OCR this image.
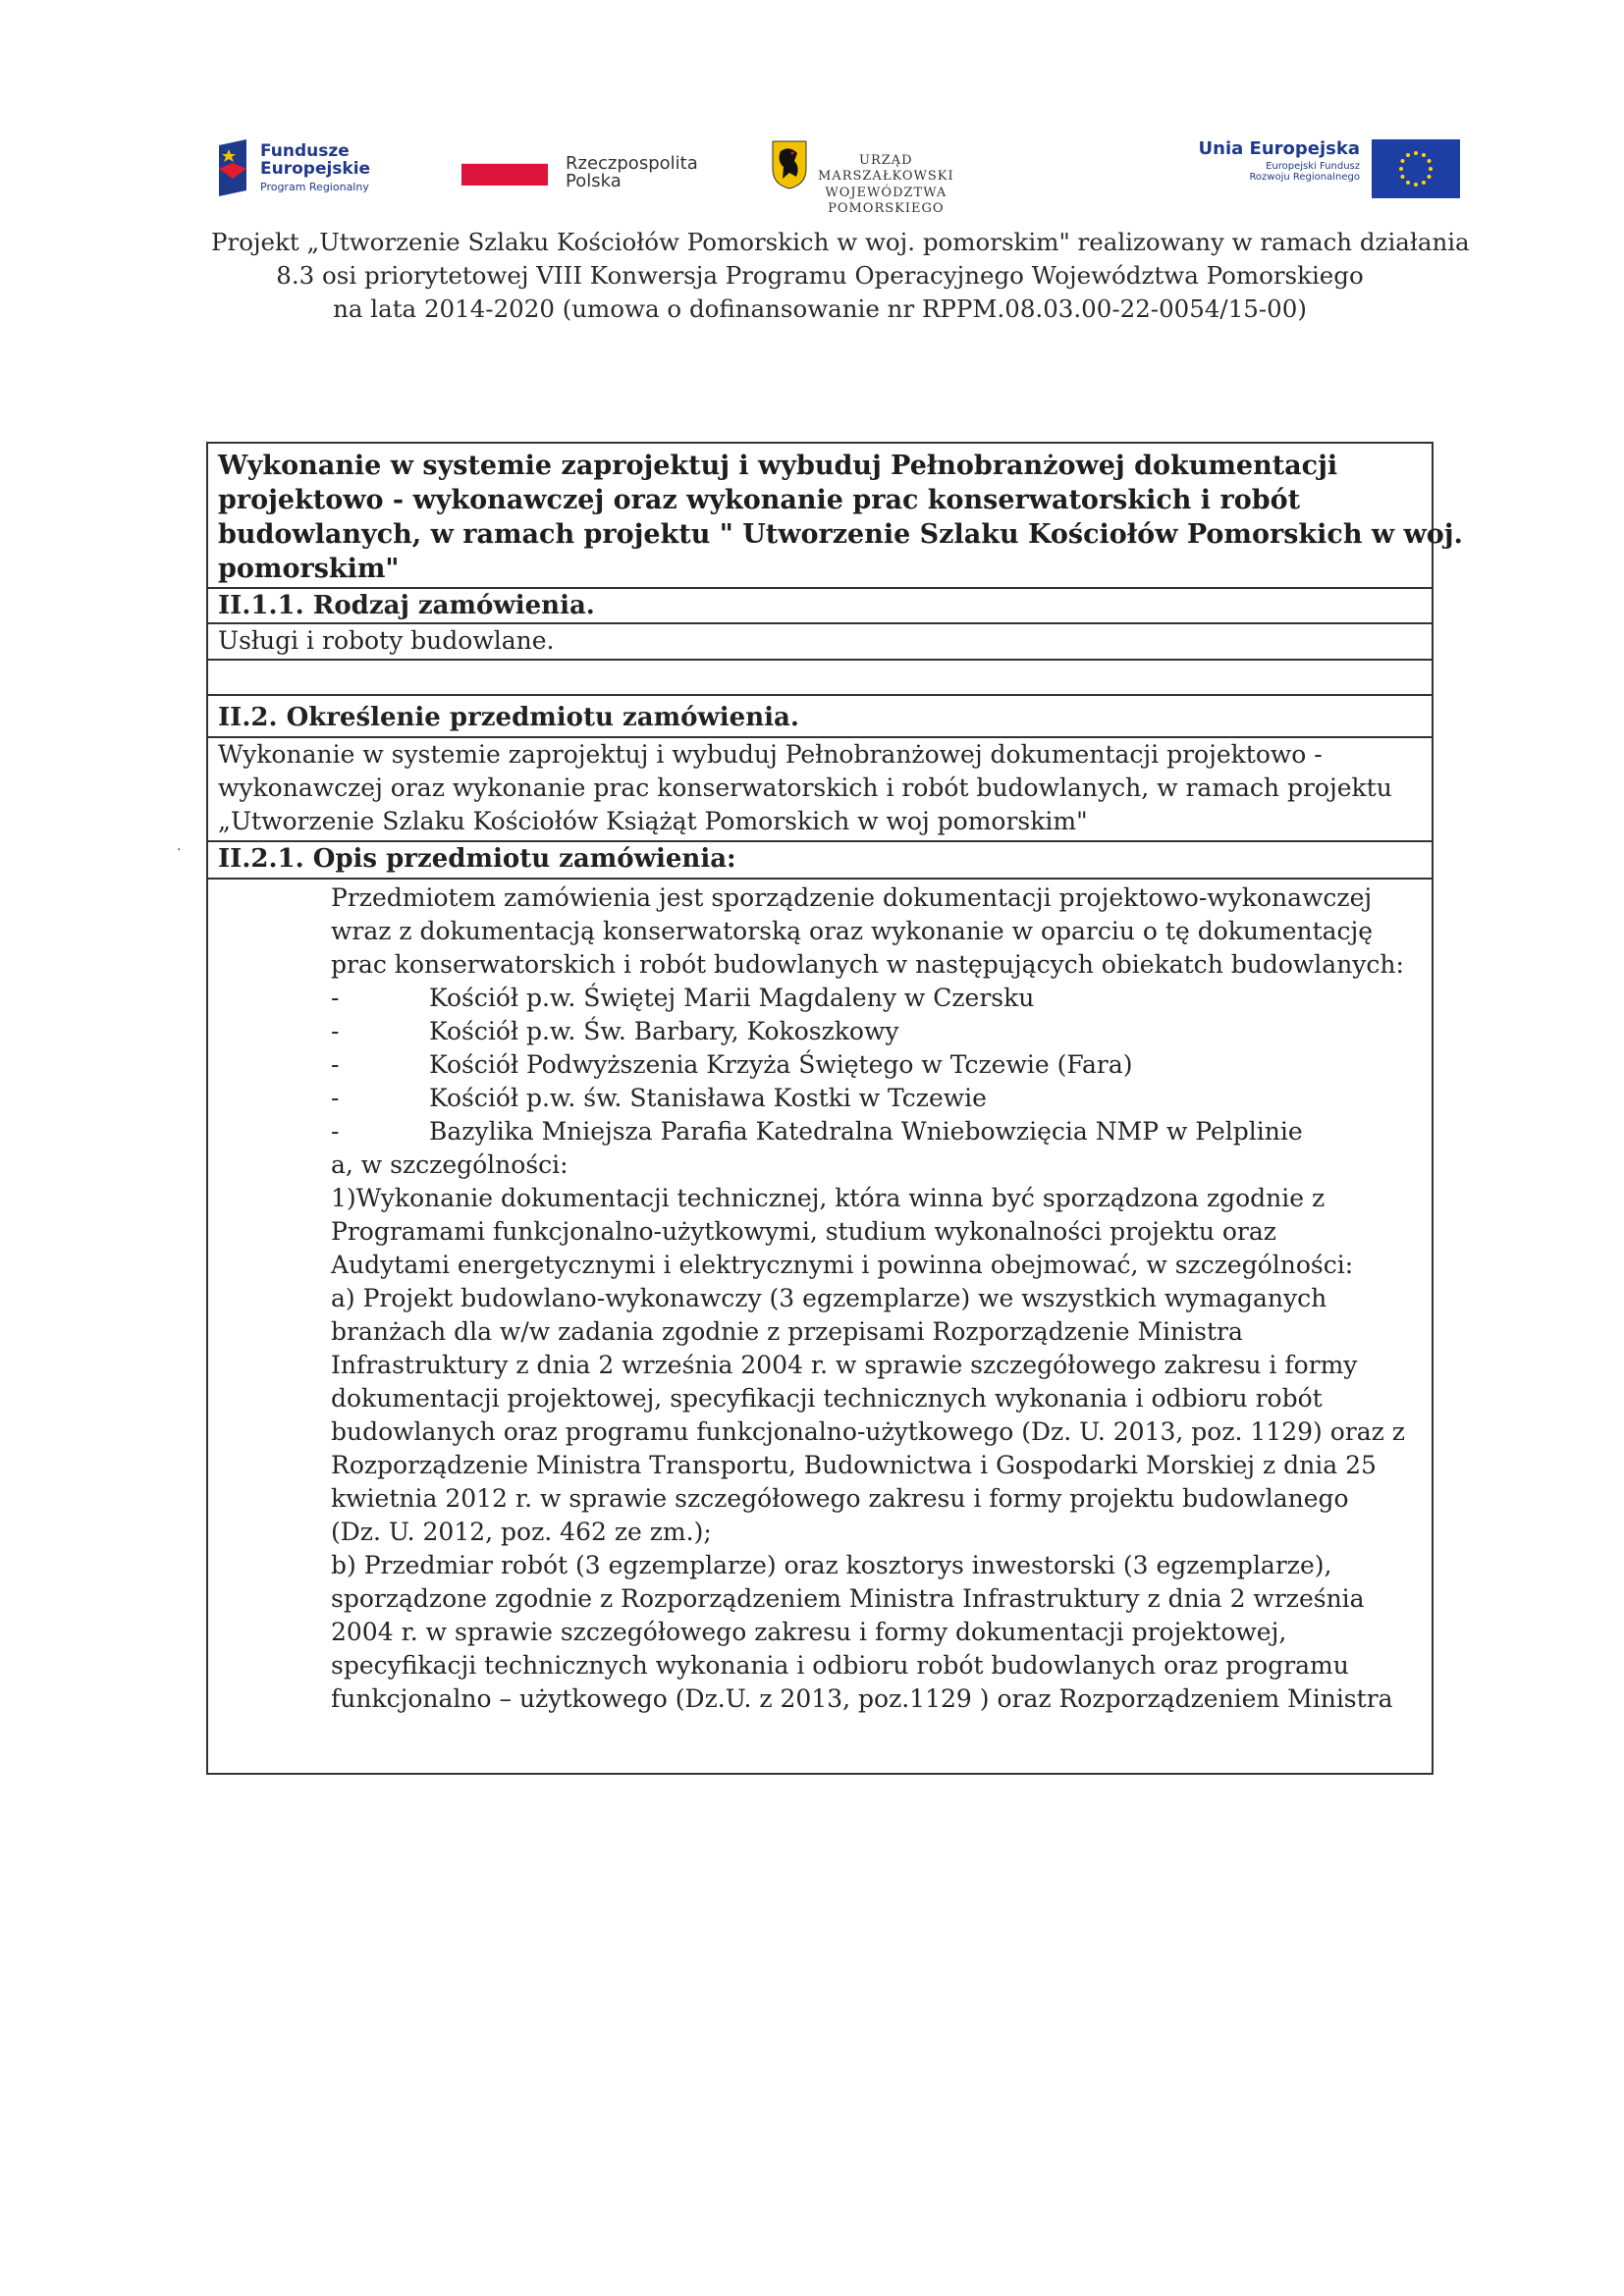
Fundusze
Europejskie
Program Regionalny
Rzeczpospolita
Polska
URZĄD MARSZAŁKOWSKI
WOJEWÓDZTWA POMORSKIEGO
Unia Europejska
Europejski Fundusz
Rozwoju Regionalnego

Projekt „Utworzenie Szlaku Kościołów Pomorskich w woj. pomorskim" realizowany w ramach działania

8.3 osi priorytetowej VIII Konwersja Programu Operacyjnego Województwa Pomorskiego

na lata 2014-2020 (umowa o dofinansowanie nr RPPM.08.03.00-22-0054/15-00)

·
Wykonanie w systemie zaprojektuj i wybuduj Pełnobranżowej dokumentacji
projektowo - wykonawczej oraz wykonanie prac konserwatorskich i robót
budowlanych, w ramach projektu " Utworzenie Szlaku Kościołów Pomorskich w woj.
pomorskim"
II.1.1. Rodzaj zamówienia.
Usługi i roboty budowlane.
II.2. Określenie przedmiotu zamówienia.
Wykonanie w systemie zaprojektuj i wybuduj Pełnobranżowej dokumentacji projektowo -
wykonawczej oraz wykonanie prac konserwatorskich i robót budowlanych, w ramach projektu
„Utworzenie Szlaku Kościołów Książąt Pomorskich w woj pomorskim"
II.2.1. Opis przedmiotu zamówienia:
Przedmiotem zamówienia jest sporządzenie dokumentacji projektowo-wykonawczej
wraz z dokumentacją konserwatorską oraz wykonanie w oparciu o tę dokumentację
prac konserwatorskich i robót budowlanych w następujących obiekatch budowlanych:
-	Kościół p.w. Świętej Marii Magdaleny w Czersku
-	Kościół p.w. Św. Barbary, Kokoszkowy
-	Kościół Podwyższenia Krzyża Świętego w Tczewie (Fara)
-	Kościół p.w. św. Stanisława Kostki w Tczewie
-	Bazylika Mniejsza Parafia Katedralna Wniebowzięcia NMP w Pelplinie
a, w szczególności:
1)Wykonanie dokumentacji technicznej, która winna być sporządzona zgodnie z
Programami funkcjonalno-użytkowymi, studium wykonalności projektu oraz
Audytami energetycznymi i elektrycznymi i powinna obejmować, w szczególności:
a) Projekt budowlano-wykonawczy (3 egzemplarze) we wszystkich wymaganych
branżach dla w/w zadania zgodnie z przepisami Rozporządzenie Ministra
Infrastruktury z dnia 2 września 2004 r. w sprawie szczegółowego zakresu i formy
dokumentacji projektowej, specyfikacji technicznych wykonania i odbioru robót
budowlanych oraz programu funkcjonalno-użytkowego (Dz. U. 2013, poz. 1129) oraz z
Rozporządzenie Ministra Transportu, Budownictwa i Gospodarki Morskiej z dnia 25
kwietnia 2012 r. w sprawie szczegółowego zakresu i formy projektu budowlanego
(Dz. U. 2012, poz. 462 ze zm.);
b) Przedmiar robót (3 egzemplarze) oraz kosztorys inwestorski (3 egzemplarze),
sporządzone zgodnie z Rozporządzeniem Ministra Infrastruktury z dnia 2 września
2004 r. w sprawie szczegółowego zakresu i formy dokumentacji projektowej,
specyfikacji technicznych wykonania i odbioru robót budowlanych oraz programu
funkcjonalno – użytkowego (Dz.U. z 2013, poz.1129 ) oraz Rozporządzeniem Ministra
